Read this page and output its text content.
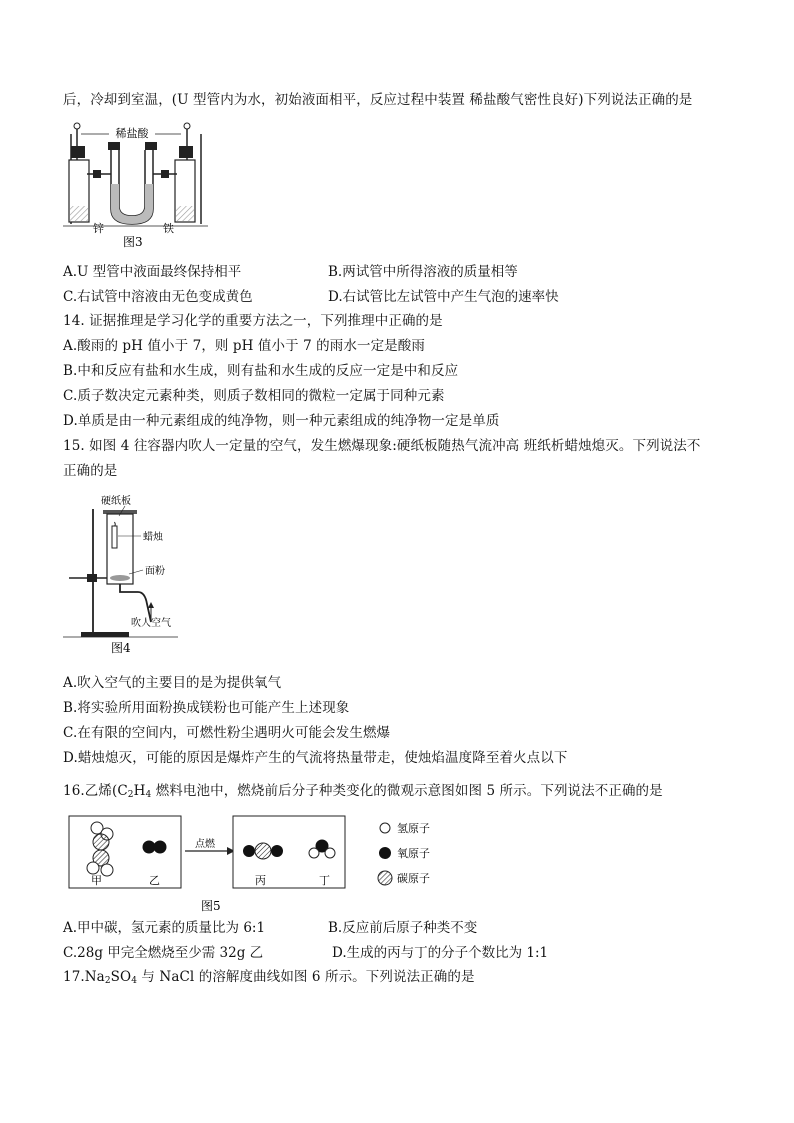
后，冷却到室温，(U 型管内为水，初始液面相平，反应过程中装置 稀盐酸气密性良好)下列说法正确的是
稀盐酸
锌	铁
图3
A.U 型管中液面最终保持相平	B.两试管中所得溶液的质量相等
C.右试管中溶液由无色变成黄色	D.右试管比左试管中产生气泡的速率快
14. 证据推理是学习化学的重要方法之一，下列推理中正确的是
A.酸雨的 pH 值小于 7，则 pH 值小于 7 的雨水一定是酸雨
B.中和反应有盐和水生成，则有盐和水生成的反应一定是中和反应
C.质子数决定元素种类，则质子数相同的微粒一定属于同种元素
D.单质是由一种元素组成的纯净物，则一种元素组成的纯净物一定是单质
15. 如图 4 往容器内吹人一定量的空气，发生燃爆现象:硬纸板随热气流冲高 班纸析蜡烛熄灭。下列说法不
正确的是
硬纸板
蜡烛
面粉
吹人空气
图4
A.吹入空气的主要目的是为提供氧气
B.将实验所用面粉换成镁粉也可能产生上述现象
C.在有限的空间内，可燃性粉尘遇明火可能会发生燃爆
D.蜡烛熄灭，可能的原因是爆炸产生的气流将热量带走，使烛焰温度降至着火点以下
16.乙烯($C_2H_4$ 燃料电池中，燃烧前后分子种类变化的微观示意图如图 5 所示。下列说法不正确的是
甲	乙
点燃
丙	丁
氢原子
氧原子
碳原子
图5
A.甲中碳，氢元素的质量比为 6:1	B.反应前后原子种类不变
C.28g 甲完全燃烧至少需 32g 乙	D.生成的丙与丁的分子个数比为 1:1
$17.Na_2SO_4$ 与 NaCl 的溶解度曲线如图 6 所示。下列说法正确的是
